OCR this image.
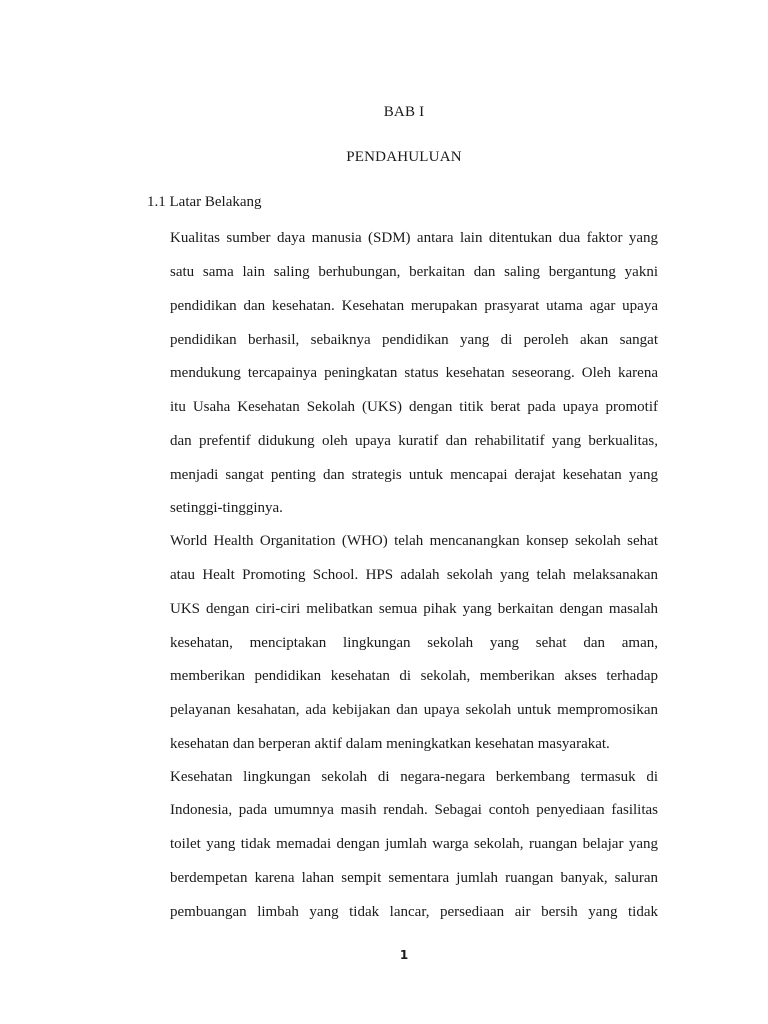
BAB I
PENDAHULUAN
1.1 Latar Belakang

Kualitas sumber daya manusia (SDM) antara lain ditentukan dua faktor yang

satu sama lain saling berhubungan, berkaitan dan saling bergantung yakni

pendidikan dan kesehatan. Kesehatan merupakan prasyarat utama agar upaya

pendidikan berhasil, sebaiknya pendidikan yang di peroleh akan sangat

mendukung tercapainya peningkatan status kesehatan seseorang. Oleh karena

itu Usaha Kesehatan Sekolah (UKS) dengan titik berat pada upaya promotif

dan prefentif didukung oleh upaya kuratif dan rehabilitatif yang berkualitas,

menjadi sangat penting dan strategis untuk mencapai derajat kesehatan yang

setinggi-tingginya.

World Health Organitation (WHO) telah mencanangkan konsep sekolah sehat

atau Healt Promoting School. HPS adalah sekolah yang telah melaksanakan

UKS dengan ciri-ciri melibatkan semua pihak yang berkaitan dengan masalah

kesehatan, menciptakan lingkungan sekolah yang sehat dan aman,

memberikan pendidikan kesehatan di sekolah, memberikan akses terhadap

pelayanan kesahatan, ada kebijakan dan upaya sekolah untuk mempromosikan

kesehatan dan berperan aktif dalam meningkatkan kesehatan masyarakat.

Kesehatan lingkungan sekolah di negara-negara berkembang termasuk di

Indonesia, pada umumnya masih rendah. Sebagai contoh penyediaan fasilitas

toilet yang tidak memadai dengan jumlah warga sekolah, ruangan belajar yang

berdempetan karena lahan sempit sementara jumlah ruangan banyak, saluran

pembuangan limbah yang tidak lancar, persediaan air bersih yang tidak

1
